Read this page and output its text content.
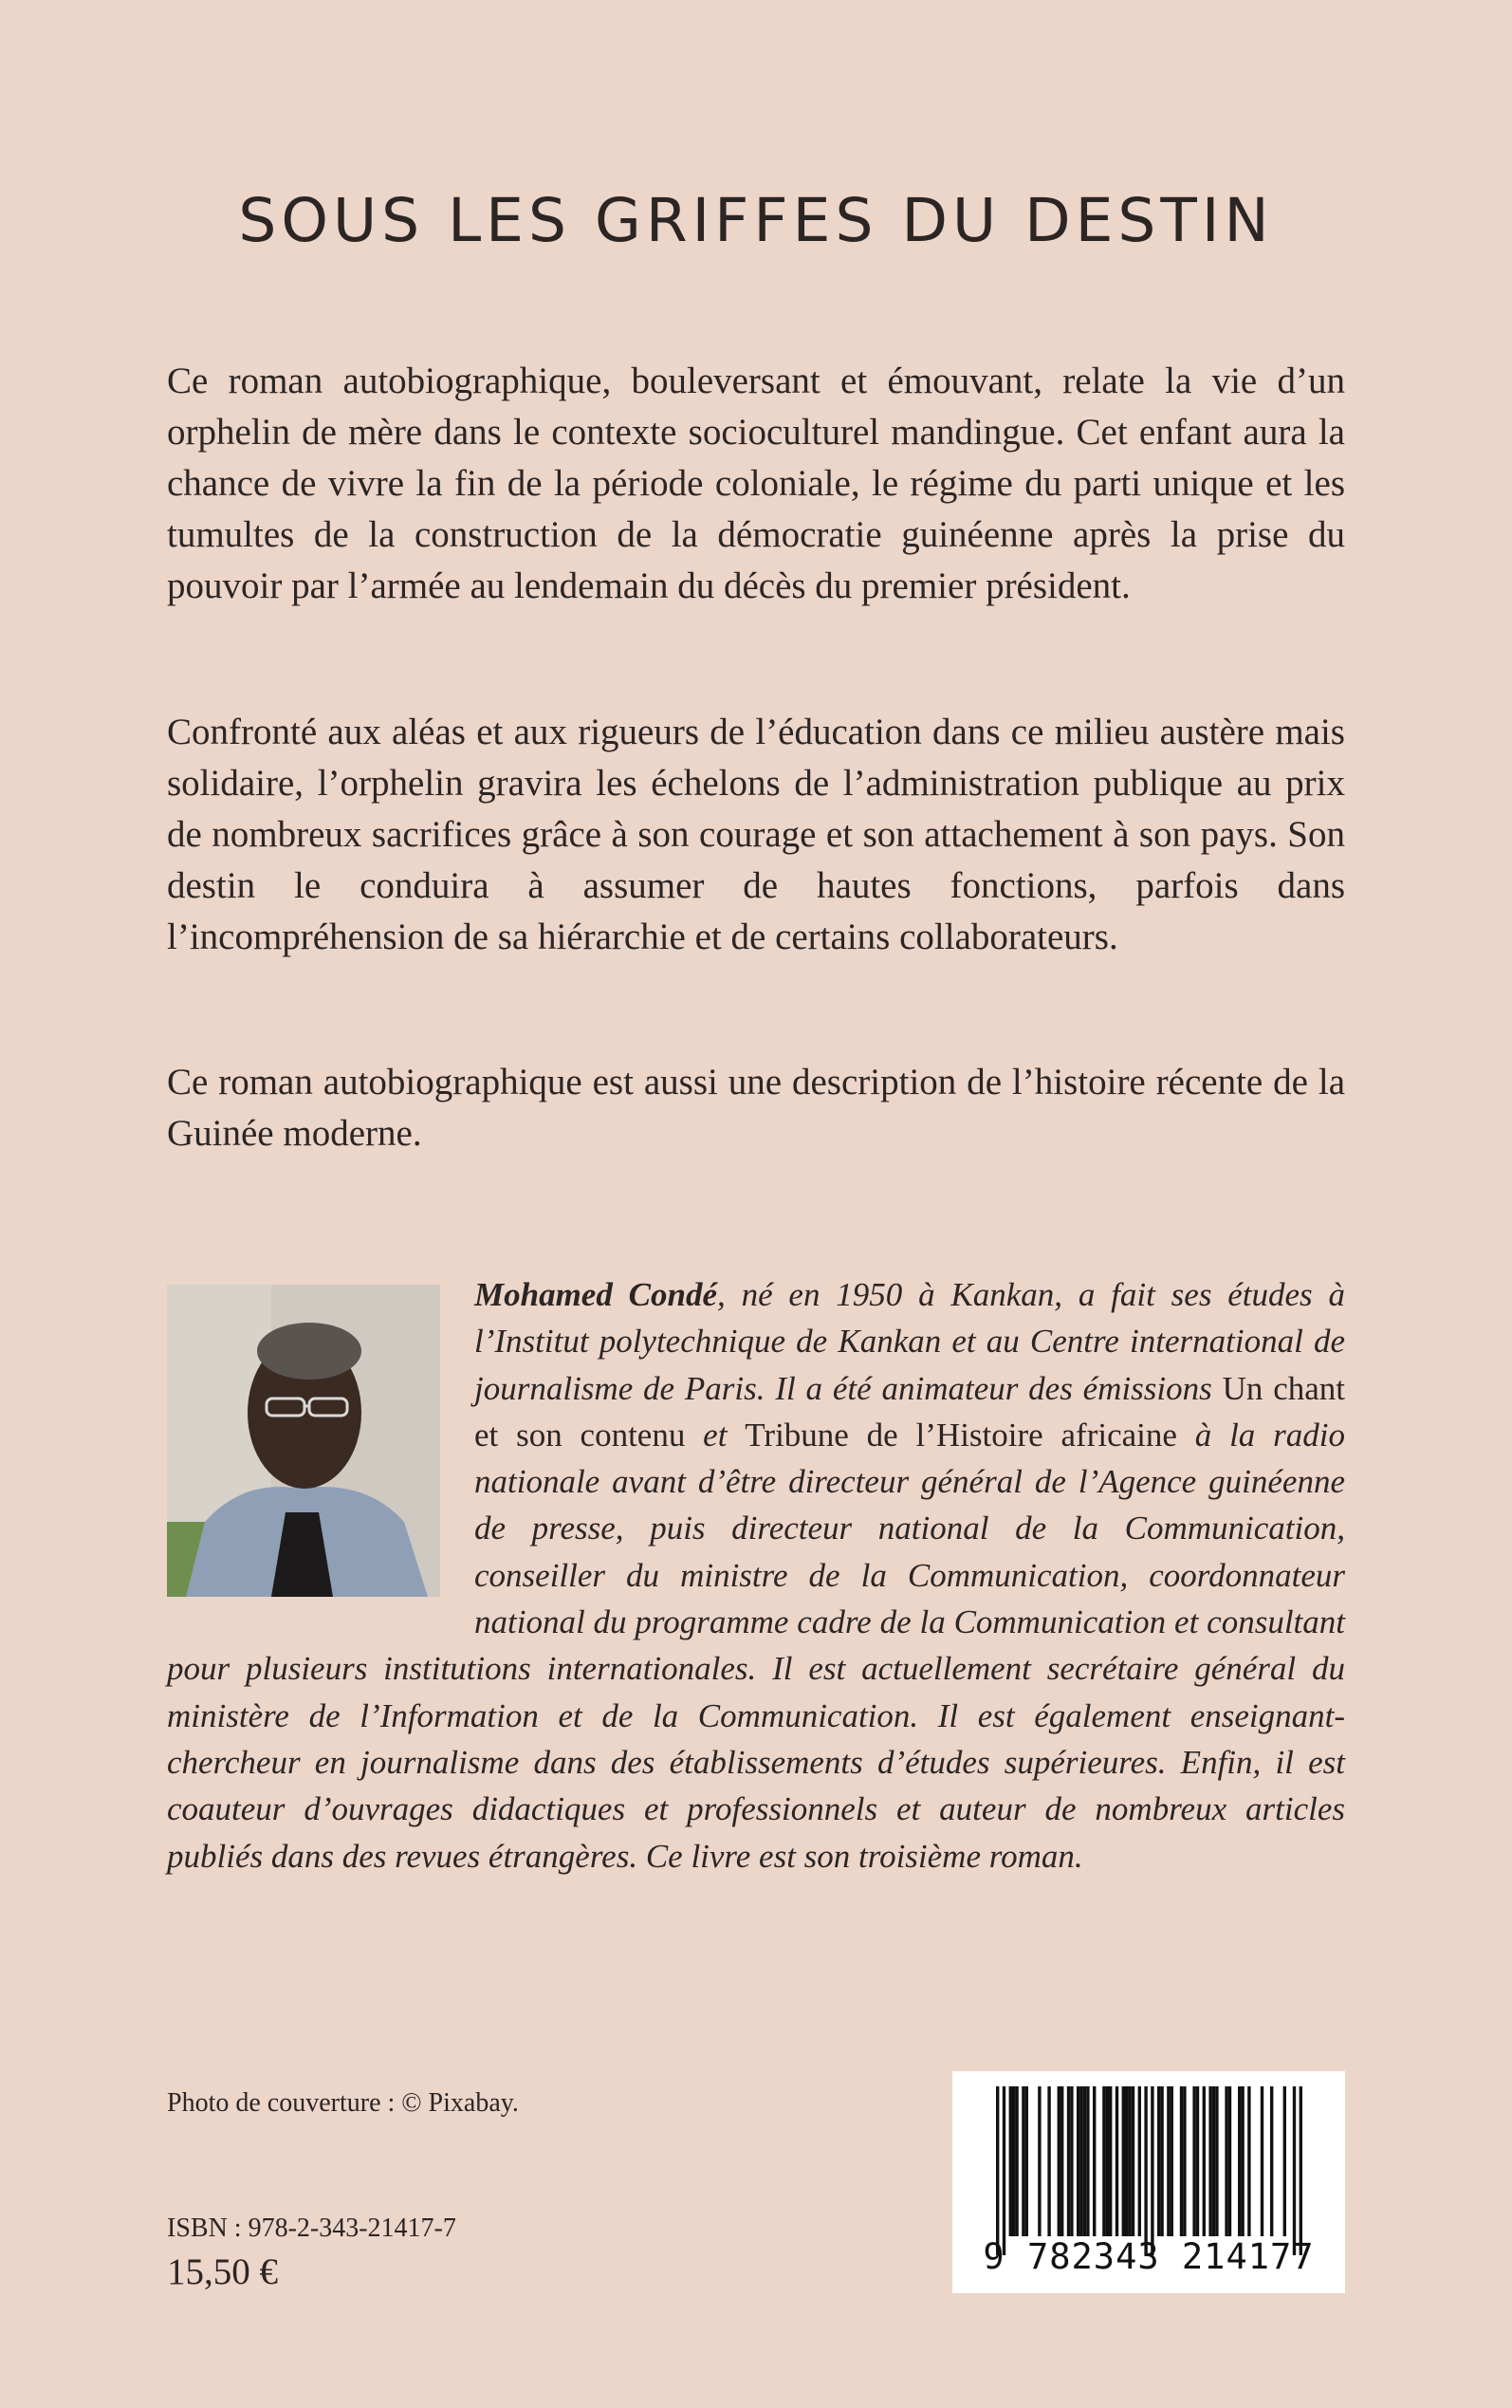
SOUS LES GRIFFES DU DESTIN

Ce roman autobiographique, bouleversant et émouvant, relate la vie d’un orphelin de mère dans le contexte socioculturel mandingue. Cet enfant aura la chance de vivre la fin de la période coloniale, le régime du parti unique et les tumultes de la construction de la démocratie guinéenne après la prise du pouvoir par l’armée au lendemain du décès du premier président.

Confronté aux aléas et aux rigueurs de l’éducation dans ce milieu austère mais solidaire, l’orphelin gravira les échelons de l’administration publique au prix de nombreux sacrifices grâce à son courage et son attachement à son pays. Son destin le conduira à assumer de hautes fonctions, parfois dans l’incompréhension de sa hiérarchie et de certains collaborateurs.

Ce roman autobiographique est aussi une description de l’histoire récente de la Guinée moderne.

Mohamed Condé, né en 1950 à Kankan, a fait ses études à l’Institut polytechnique de Kankan et au Centre international de journalisme de Paris. Il a été animateur des émissions Un chant et son contenu et Tribune de l’Histoire africaine à la radio nationale avant d’être directeur général de l’Agence guinéenne de presse, puis directeur national de la Communication, conseiller du ministre de la Communication, coordonnateur national du programme cadre de la Communication et consultant pour plusieurs institutions internationales. Il est actuellement secrétaire général du ministère de l’Information et de la Communication. Il est également enseignant-chercheur en journalisme dans des établissements d’études supérieures. Enfin, il est coauteur d’ouvrages didactiques et professionnels et auteur de nombreux articles publiés dans des revues étrangères. Ce livre est son troisième roman.

Photo de couverture : © Pixabay.

ISBN : 978-2-343-21417-7

15,50 €	9 782343 214177
